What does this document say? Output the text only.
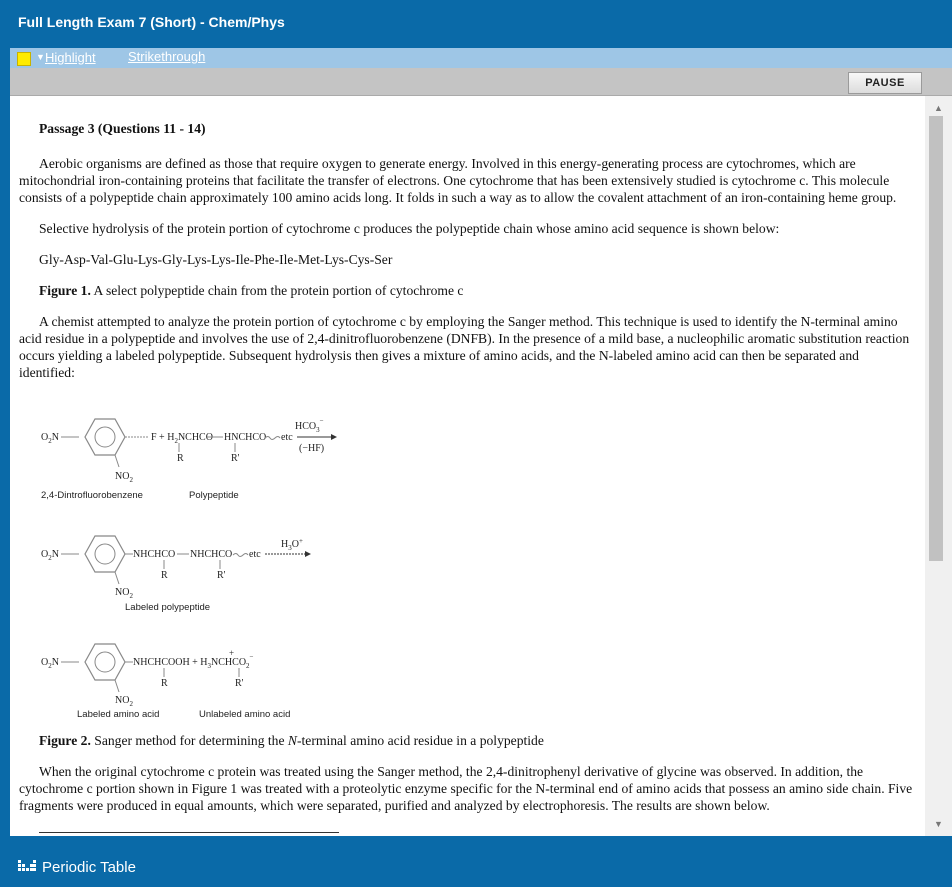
Full Length Exam 7 (Short) - Chem/Phys
▼ Highlight Strikethrough
PAUSE

Passage 3 (Questions 11 - 14)

Aerobic organisms are defined as those that require oxygen to generate energy. Involved in this energy-generating process are cytochromes, which are mitochondrial iron-containing proteins that facilitate the transfer of electrons. One cytochrome that has been extensively studied is cytochrome c. This molecule consists of a polypeptide chain approximately 100 amino acids long. It folds in such a way as to allow the covalent attachment of an iron-containing heme group.

Selective hydrolysis of the protein portion of cytochrome c produces the polypeptide chain whose amino acid sequence is shown below:

Gly-Asp-Val-Glu-Lys-Gly-Lys-Lys-Ile-Phe-Ile-Met-Lys-Cys-Ser

Figure 1. A select polypeptide chain from the protein portion of cytochrome c

A chemist attempted to analyze the protein portion of cytochrome c by employing the Sanger method. This technique is used to identify the N-terminal amino acid residue in a polypeptide and involves the use of 2,4-dinitrofluorobenzene (DNFB). In the presence of a mild base, a nucleophilic aromatic substitution reaction occurs yielding a labeled polypeptide. Subsequent hydrolysis then gives a mixture of amino acids, and the N-labeled amino acid can then be separated and identified:

$O_2N$
$NO_2$
2,4-Dintrofluorobenzene
$F + H_2NCHCO$ HNCHCO
R	R'
etc
Polypeptide
$HCO_3^-$
(−HF)
$O_2N$
$NO_2$
NHCHCO NHCHCO
R	R'
etc
Labeled polypeptide
$H_3O^+$
$O_2N$
$NO_2$
NHCHCOOH + $H_3NCHCO_2^-$
+
R	R'
Labeled amino acid	Unlabeled amino acid

Figure 2. Sanger method for determining the N-terminal amino acid residue in a polypeptide

When the original cytochrome c protein was treated using the Sanger method, the 2,4-dinitrophenyl derivative of glycine was observed. In addition, the cytochrome c portion shown in Figure 1 was treated with a proteolytic enzyme specific for the N-terminal end of amino acids that possess an amino side chain. Five fragments were produced in equal amounts, which were separated, purified and analyzed by electrophoresis. The results are shown below.

▲
▼
Periodic Table
